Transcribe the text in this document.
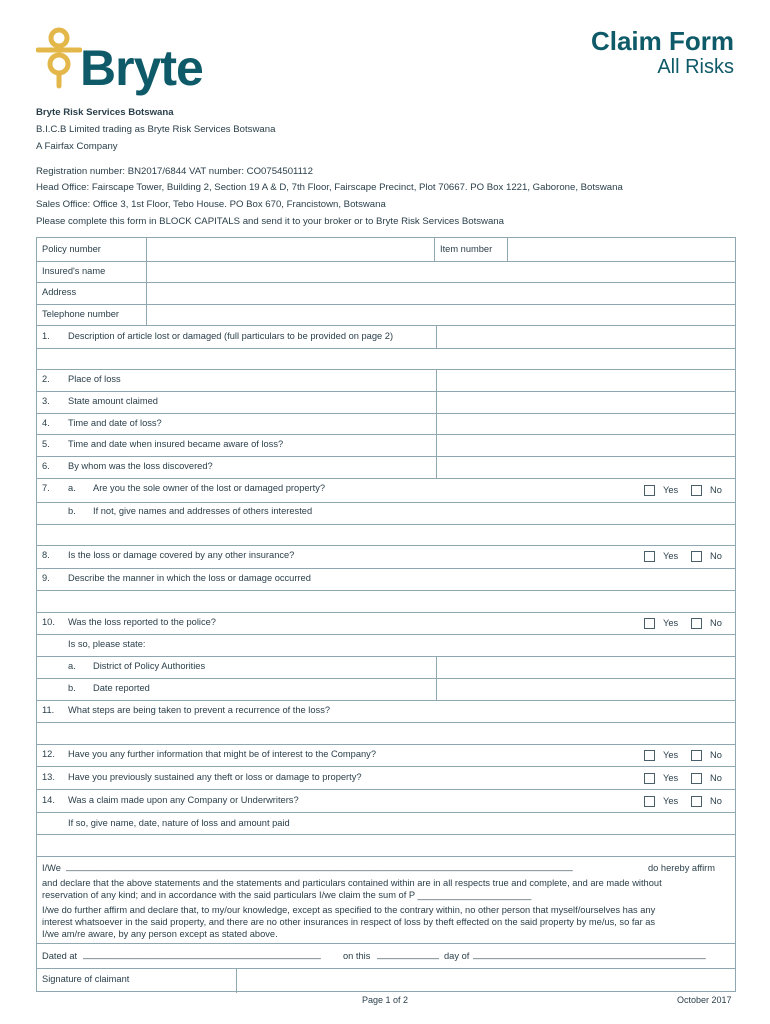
Bryte	Claim Form
All Risks
Bryte Risk Services Botswana
B.I.C.B Limited trading as Bryte Risk Services Botswana
A Fairfax Company
Registration number: BN2017/6844 VAT number: CO0754501112
Head Office: Fairscape Tower, Building 2, Section 19 A & D, 7th Floor, Fairscape Precinct, Plot 70667. PO Box 1221, Gaborone, Botswana
Sales Office: Office 3, 1st Floor, Tebo House. PO Box 670, Francistown, Botswana
Please complete this form in BLOCK CAPITALS and send it to your broker or to Bryte Risk Services Botswana
Policy number	Item number
Insured's name
Address
Telephone number
1. Description of article lost or damaged (full particulars to be provided on page 2)
2. Place of loss
3. State amount claimed
4. Time and date of loss?
5. Time and date when insured became aware of loss?
6. By whom was the loss discovered?
7. a. Are you the sole owner of the lost or damaged property?	Yes	No
b. If not, give names and addresses of others interested
8. Is the loss or damage covered by any other insurance?	Yes	No
9. Describe the manner in which the loss or damage occurred
10. Was the loss reported to the police?	Yes	No
Is so, please state:
a. District of Policy Authorities
b. Date reported
11. What steps are being taken to prevent a recurrence of the loss?
12. Have you any further information that might be of interest to the Company?	Yes	No
13. Have you previously sustained any theft or loss or damage to property?	Yes	No
14. Was a claim made upon any Company or Underwriters?	Yes	No
If so, give name, date, nature of loss and amount paid
I/We __________________________________________________________________________________________________	do hereby affirm
and declare that the above statements and the statements and particulars contained within are in all respects true and complete, and are made without
reservation of any kind; and in accordance with the said particulars I/we claim the sum of P ______________________
I/we do further affirm and declare that, to my/our knowledge, except as specified to the contrary within, no other person that myself/ourselves has any
interest whatsoever in the said property, and there are no other insurances in respect of loss by theft effected on the said property by me/us, so far as
I/we am/re aware, by any person except as stated above.
Dated at ______________________________________________	on this ____________ day of _____________________________________________
Signature of claimant
Page 1 of 2	October 2017
